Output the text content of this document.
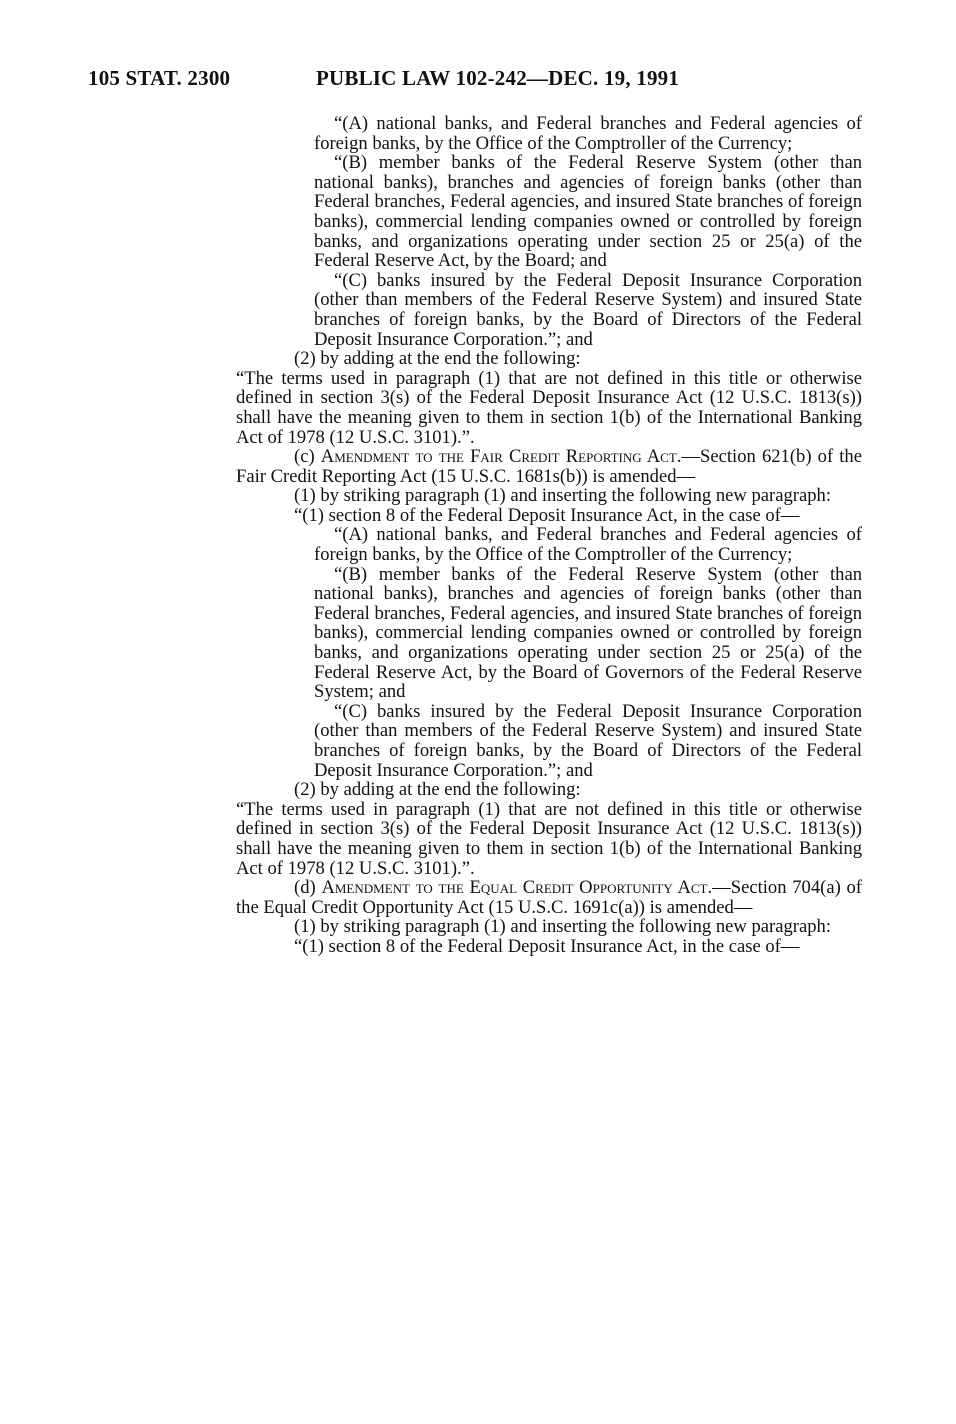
105 STAT. 2300	PUBLIC LAW 102-242—DEC. 19, 1991

“(A) national banks, and Federal branches and Federal agencies of foreign banks, by the Office of the Comptroller of the Currency;

“(B) member banks of the Federal Reserve System (other than national banks), branches and agencies of foreign banks (other than Federal branches, Federal agencies, and insured State branches of foreign banks), commercial lending companies owned or controlled by foreign banks, and organizations operating under section 25 or 25(a) of the Federal Reserve Act, by the Board; and

“(C) banks insured by the Federal Deposit Insurance Corporation (other than members of the Federal Reserve System) and insured State branches of foreign banks, by the Board of Directors of the Federal Deposit Insurance Corporation.”; and

(2) by adding at the end the following:

“The terms used in paragraph (1) that are not defined in this title or otherwise defined in section 3(s) of the Federal Deposit Insurance Act (12 U.S.C. 1813(s)) shall have the meaning given to them in section 1(b) of the International Banking Act of 1978 (12 U.S.C. 3101).”.

(c) Amendment to the Fair Credit Reporting Act.—Section 621(b) of the Fair Credit Reporting Act (15 U.S.C. 1681s(b)) is amended—

(1) by striking paragraph (1) and inserting the following new paragraph:

“(1) section 8 of the Federal Deposit Insurance Act, in the case of—

“(A) national banks, and Federal branches and Federal agencies of foreign banks, by the Office of the Comptroller of the Currency;

“(B) member banks of the Federal Reserve System (other than national banks), branches and agencies of foreign banks (other than Federal branches, Federal agencies, and insured State branches of foreign banks), commercial lending companies owned or controlled by foreign banks, and organizations operating under section 25 or 25(a) of the Federal Reserve Act, by the Board of Governors of the Federal Reserve System; and

“(C) banks insured by the Federal Deposit Insurance Corporation (other than members of the Federal Reserve System) and insured State branches of foreign banks, by the Board of Directors of the Federal Deposit Insurance Corporation.”; and

(2) by adding at the end the following:

“The terms used in paragraph (1) that are not defined in this title or otherwise defined in section 3(s) of the Federal Deposit Insurance Act (12 U.S.C. 1813(s)) shall have the meaning given to them in section 1(b) of the International Banking Act of 1978 (12 U.S.C. 3101).”.

(d) Amendment to the Equal Credit Opportunity Act.—Section 704(a) of the Equal Credit Opportunity Act (15 U.S.C. 1691c(a)) is amended—

(1) by striking paragraph (1) and inserting the following new paragraph:

“(1) section 8 of the Federal Deposit Insurance Act, in the case of—
